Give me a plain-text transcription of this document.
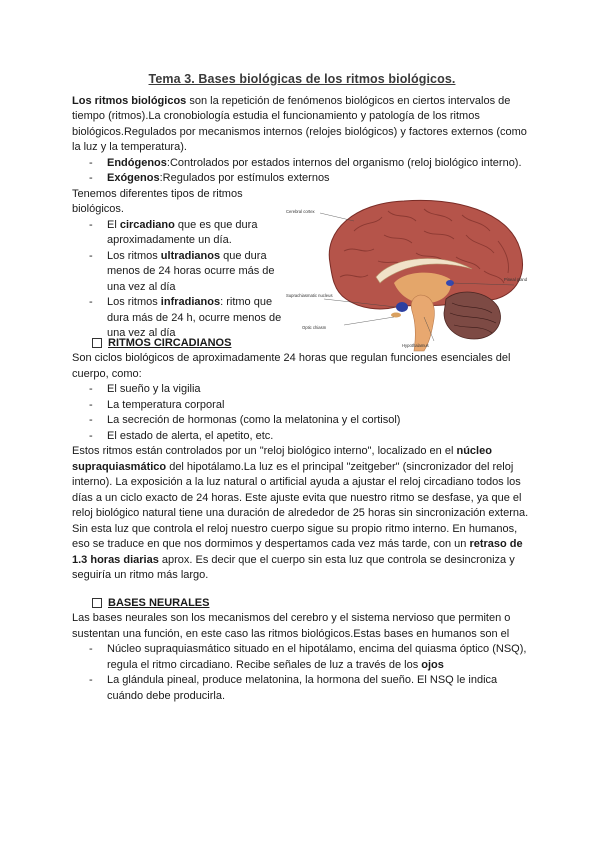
Tema 3. Bases biológicas de los ritmos biológicos.

Los ritmos biológicos son la repetición de fenómenos biológicos en ciertos intervalos de tiempo (ritmos).La cronobiología estudia el funcionamiento y patología de los ritmos biológicos.Regulados por mecanismos internos (relojes biológicos) y factores externos (como la luz y la temperatura).

- Endógenos:Controlados por estados internos del organismo (reloj biológico interno).
- Exógenos:Regulados por estímulos externos

Tenemos diferentes tipos de ritmos biológicos.

- El circadiano que es que dura aproximadamente un día.
- Los ritmos ultradianos que dura menos de 24 horas ocurre más de una vez al día
- Los ritmos infradianos: ritmo que dura más de 24 h, ocurre menos de una vez al día
Cerebral cortex
Pineal gland
Suprachiasmatic nucleus
Optic chiasm
Hypothalamus
RITMOS CIRCADIANOS

Son ciclos biológicos de aproximadamente 24 horas que regulan funciones esenciales del cuerpo, como:

- El sueño y la vigilia
- La temperatura corporal
- La secreción de hormonas (como la melatonina y el cortisol)
- El estado de alerta, el apetito, etc.

Estos ritmos están controlados por un "reloj biológico interno", localizado en el núcleo supraquiasmático del hipotálamo.La luz es el principal "zeitgeber" (sincronizador del reloj interno). La exposición a la luz natural o artificial ayuda a ajustar el reloj circadiano todos los días a un ciclo exacto de 24 horas. Este ajuste evita que nuestro ritmo se desfase, ya que el reloj biológico natural tiene una duración de alrededor de 25 horas sin sincronización externa.

Sin esta luz que controla el reloj nuestro cuerpo sigue su propio ritmo interno. En humanos, eso se traduce en que nos dormimos y despertamos cada vez más tarde, con un retraso de 1.3 horas diarias aprox. Es decir que el cuerpo sin esta luz que controla se desincroniza y seguiría un ritmo más largo.

BASES NEURALES

Las bases neurales son los mecanismos del cerebro y el sistema nervioso que permiten o sustentan una función, en este caso las ritmos biológicos.Estas bases en humanos son el

- Núcleo supraquiasmático situado en el hipotálamo, encima del quiasma óptico (NSQ), regula el ritmo circadiano. Recibe señales de luz a través de los ojos
- La glándula pineal, produce melatonina, la hormona del sueño. El NSQ le indica cuándo debe producirla.
